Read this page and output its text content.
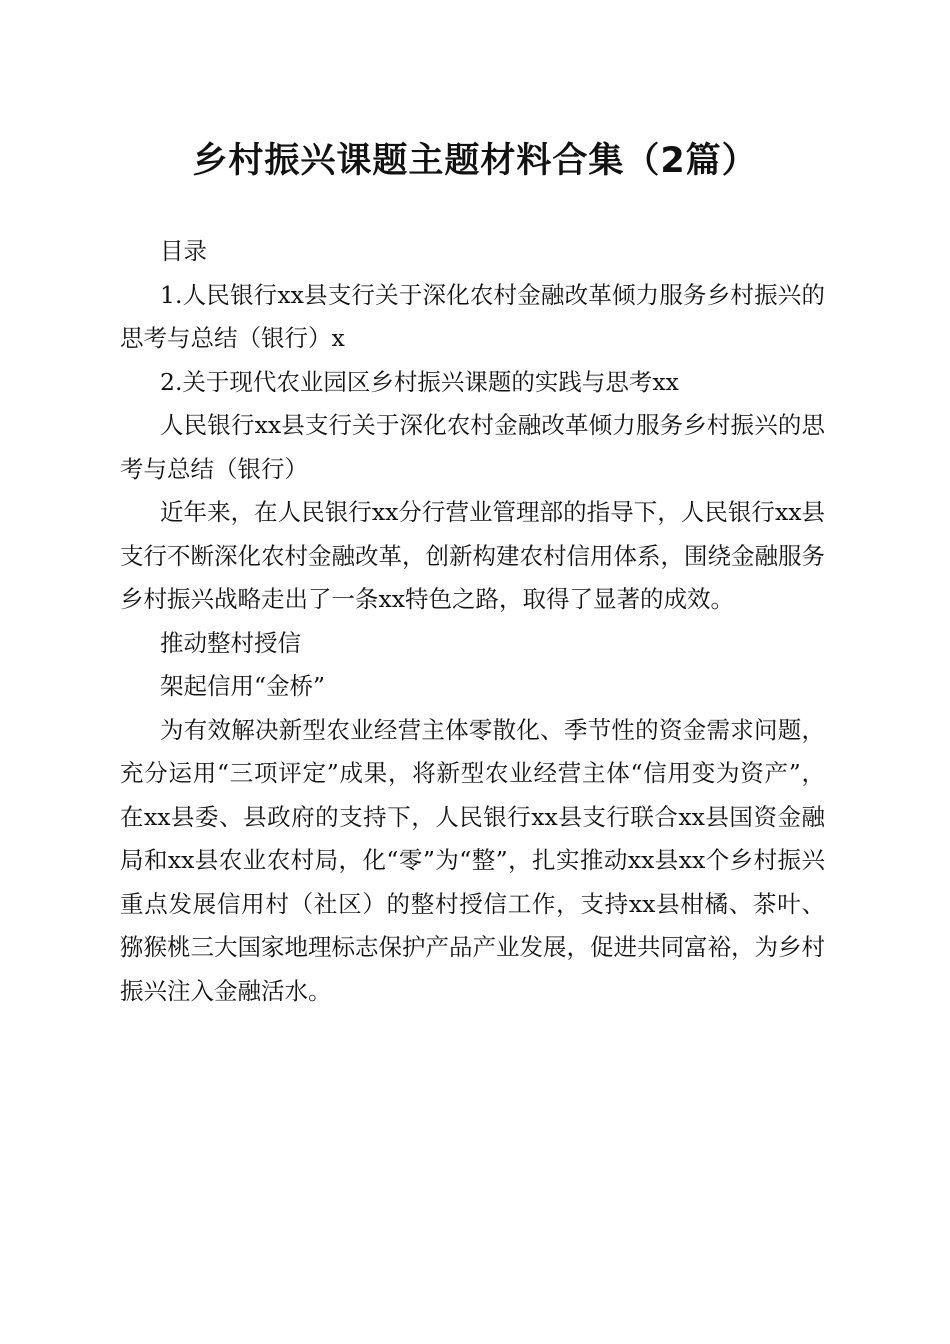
乡村振兴课题主题材料合集（2篇）

目录

1.人民银行xx县支行关于深化农村金融改革倾力服务乡村振兴的思考与总结（银行）x

2.关于现代农业园区乡村振兴课题的实践与思考xx

人民银行xx县支行关于深化农村金融改革倾力服务乡村振兴的思考与总结（银行）

近年来，在人民银行xx分行营业管理部的指导下，人民银行xx县支行不断深化农村金融改革，创新构建农村信用体系，围绕金融服务乡村振兴战略走出了一条xx特色之路，取得了显著的成效。

推动整村授信

架起信用“金桥”

为有效解决新型农业经营主体零散化、季节性的资金需求问题，充分运用“三项评定”成果，将新型农业经营主体“信用变为资产”，在xx县委、县政府的支持下，人民银行xx县支行联合xx县国资金融局和xx县农业农村局，化“零”为“整”，扎实推动xx县xx个乡村振兴重点发展信用村（社区）的整村授信工作，支持xx县柑橘、茶叶、猕猴桃三大国家地理标志保护产品产业发展，促进共同富裕，为乡村振兴注入金融活水。
